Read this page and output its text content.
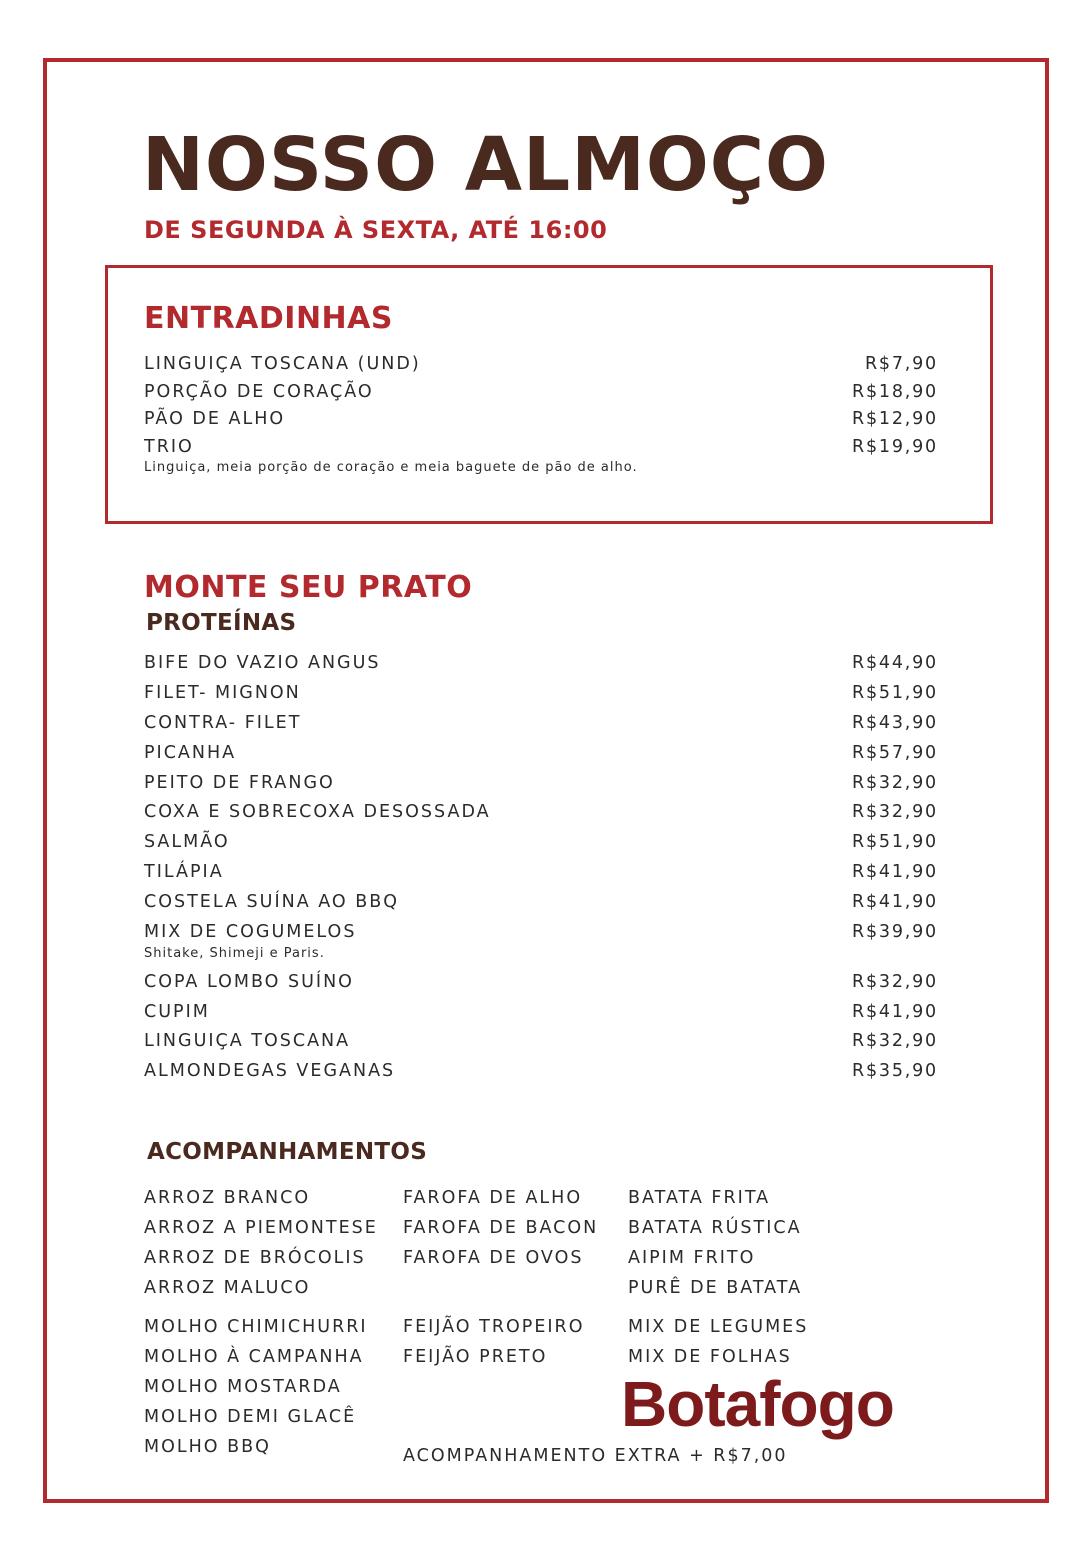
NOSSO ALMOÇO
DE SEGUNDA À SEXTA, ATÉ 16:00
ENTRADINHAS
LINGUIÇA TOSCANA (UND)	R$7,90
PORÇÃO DE CORAÇÃO	R$18,90
PÃO DE ALHO	R$12,90
TRIO	R$19,90
Linguiça, meia porção de coração e meia baguete de pão de alho.
MONTE SEU PRATO
PROTEÍNAS
BIFE DO VAZIO ANGUS	R$44,90
FILET- MIGNON	R$51,90
CONTRA- FILET	R$43,90
PICANHA	R$57,90
PEITO DE FRANGO	R$32,90
COXA E SOBRECOXA DESOSSADA	R$32,90
SALMÃO	R$51,90
TILÁPIA	R$41,90
COSTELA SUÍNA AO BBQ	R$41,90
MIX DE COGUMELOS	R$39,90
Shitake, Shimeji e Paris.
COPA LOMBO SUÍNO	R$32,90
CUPIM	R$41,90
LINGUIÇA TOSCANA	R$32,90
ALMONDEGAS VEGANAS	R$35,90
ACOMPANHAMENTOS
ARROZ BRANCO
ARROZ A PIEMONTESE
ARROZ DE BRÓCOLIS
ARROZ MALUCO
FAROFA DE ALHO
FAROFA DE BACON
FAROFA DE OVOS
BATATA FRITA
BATATA RÚSTICA
AIPIM FRITO
PURÊ DE BATATA
MOLHO CHIMICHURRI
MOLHO À CAMPANHA
MOLHO MOSTARDA
MOLHO DEMI GLACÊ
MOLHO BBQ
FEIJÃO TROPEIRO
FEIJÃO PRETO
MIX DE LEGUMES
MIX DE FOLHAS
Botafogo
ACOMPANHAMENTO EXTRA + R$7,00
